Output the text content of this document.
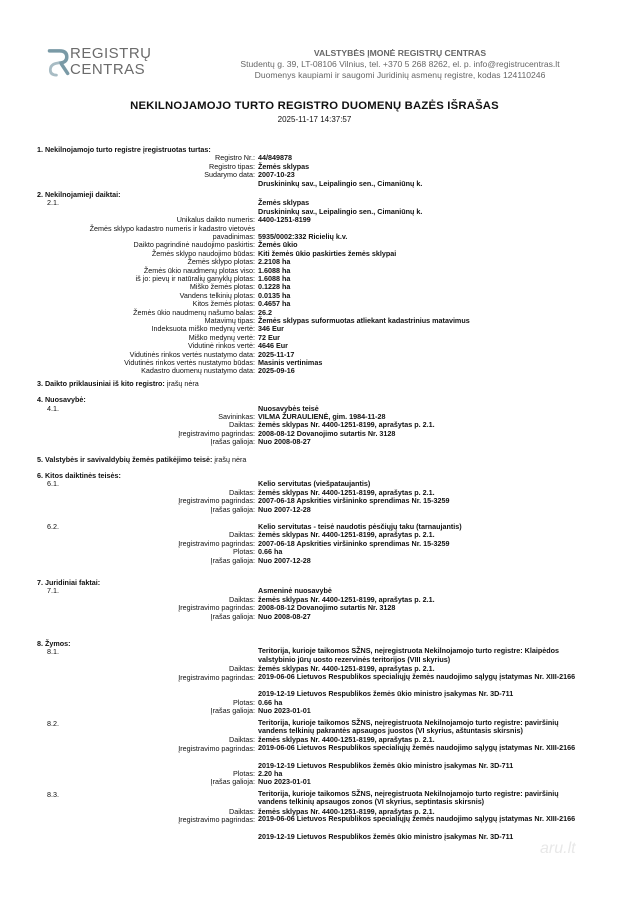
REGISTRŲ
CENTRAS
VALSTYBĖS ĮMONĖ REGISTRŲ CENTRAS
Studentų g. 39, LT-08106 Vilnius, tel. +370 5 268 8262, el. p. info@registrucentras.lt
Duomenys kaupiami ir saugomi Juridinių asmenų registre, kodas 124110246
NEKILNOJAMOJO TURTO REGISTRO DUOMENŲ BAZĖS IŠRAŠAS
2025-11-17 14:37:57
1. Nekilnojamojo turto registre įregistruotas turtas:
Registro Nr.: 44/849878
Registro tipas: Žemės sklypas
Sudarymo data: 2007-10-23
Druskininkų sav., Leipalingio sen., Cimaniūnų k.
2. Nekilnojamieji daiktai:
2.1.	Žemės sklypas
Druskininkų sav., Leipalingio sen., Cimaniūnų k.
Unikalus daikto numeris: 4400-1251-8199
Žemės sklypo kadastro numeris ir kadastro vietovės
pavadinimas: 5935/0002:332 Ricielių k.v.
Daikto pagrindinė naudojimo paskirtis: Žemės ūkio
Žemės sklypo naudojimo būdas: Kiti žemės ūkio paskirties žemės sklypai
Žemės sklypo plotas: 2.2108 ha
Žemės ūkio naudmenų plotas viso: 1.6088 ha
iš jo: pievų ir natūralių ganyklų plotas: 1.6088 ha
Miško žemės plotas: 0.1228 ha
Vandens telkinių plotas: 0.0135 ha
Kitos žemės plotas: 0.4657 ha
Žemės ūkio naudmenų našumo balas: 26.2
Matavimų tipas: Žemės sklypas suformuotas atliekant kadastrinius matavimus
Indeksuota miško medynų vertė: 346 Eur
Miško medynų vertė: 72 Eur
Vidutinė rinkos vertė: 4646 Eur
Vidutinės rinkos vertės nustatymo data: 2025-11-17
Vidutinės rinkos vertės nustatymo būdas: Masinis vertinimas
Kadastro duomenų nustatymo data: 2025-09-16
3. Daikto priklausiniai iš kito registro: įrašų nėra
4. Nuosavybė:
4.1.	Nuosavybės teisė
Savininkas: VILMA ŽURAULIENĖ, gim. 1984-11-28
Daiktas: žemės sklypas Nr. 4400-1251-8199, aprašytas p. 2.1.
Įregistravimo pagrindas: 2008-08-12 Dovanojimo sutartis Nr. 3128
Įrašas galioja: Nuo 2008-08-27
5. Valstybės ir savivaldybių žemės patikėjimo teisė: įrašų nėra
6. Kitos daiktinės teisės:
6.1.	Kelio servitutas (viešpataujantis)
Daiktas: žemės sklypas Nr. 4400-1251-8199, aprašytas p. 2.1.
Įregistravimo pagrindas: 2007-06-18 Apskrities viršininko sprendimas Nr. 15-3259
Įrašas galioja: Nuo 2007-12-28
6.2.	Kelio servitutas - teisė naudotis pėsčiųjų taku (tarnaujantis)
Daiktas: žemės sklypas Nr. 4400-1251-8199, aprašytas p. 2.1.
Įregistravimo pagrindas: 2007-06-18 Apskrities viršininko sprendimas Nr. 15-3259
Plotas: 0.66 ha
Įrašas galioja: Nuo 2007-12-28
7. Juridiniai faktai:
7.1.	Asmeninė nuosavybė
Daiktas: žemės sklypas Nr. 4400-1251-8199, aprašytas p. 2.1.
Įregistravimo pagrindas: 2008-08-12 Dovanojimo sutartis Nr. 3128
Įrašas galioja: Nuo 2008-08-27
8. Žymos:
8.1.	Teritorija, kurioje taikomos SŽNS, neįregistruota Nekilnojamojo turto registre: Klaipėdos valstybinio jūrų uosto rezervinės teritorijos (VIII skyrius)
Daiktas: žemės sklypas Nr. 4400-1251-8199, aprašytas p. 2.1.
Įregistravimo pagrindas: 2019-06-06 Lietuvos Respublikos specialiųjų žemės naudojimo sąlygų įstatymas Nr. XIII-2166
2019-12-19 Lietuvos Respublikos žemės ūkio ministro įsakymas Nr. 3D-711
Plotas: 0.66 ha
Įrašas galioja: Nuo 2023-01-01
8.2.	Teritorija, kurioje taikomos SŽNS, neįregistruota Nekilnojamojo turto registre: paviršinių vandens telkinių pakrantės apsaugos juostos (VI skyrius, aštuntasis skirsnis)
Daiktas: žemės sklypas Nr. 4400-1251-8199, aprašytas p. 2.1.
Įregistravimo pagrindas: 2019-06-06 Lietuvos Respublikos specialiųjų žemės naudojimo sąlygų įstatymas Nr. XIII-2166
2019-12-19 Lietuvos Respublikos žemės ūkio ministro įsakymas Nr. 3D-711
Plotas: 2.20 ha
Įrašas galioja: Nuo 2023-01-01
8.3.	Teritorija, kurioje taikomos SŽNS, neįregistruota Nekilnojamojo turto registre: paviršinių vandens telkinių apsaugos zonos (VI skyrius, septintasis skirsnis)
Daiktas: žemės sklypas Nr. 4400-1251-8199, aprašytas p. 2.1.
Įregistravimo pagrindas: 2019-06-06 Lietuvos Respublikos specialiųjų žemės naudojimo sąlygų įstatymas Nr. XIII-2166
2019-12-19 Lietuvos Respublikos žemės ūkio ministro įsakymas Nr. 3D-711
aru.lt
